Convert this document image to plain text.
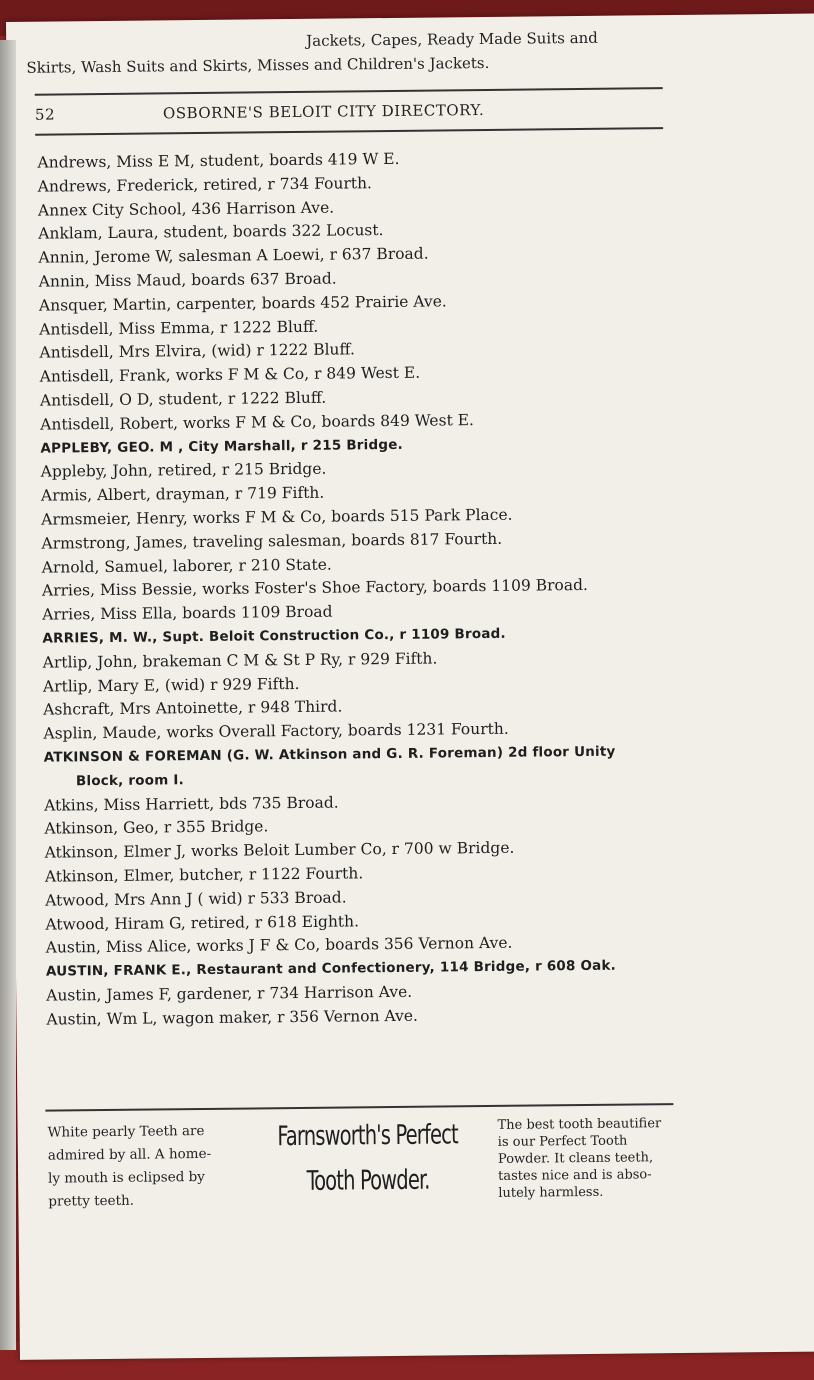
Jackets, Capes, Ready Made Suits and
Skirts, Wash Suits and Skirts, Misses and Children's Jackets.
52	OSBORNE'S BELOIT CITY DIRECTORY.
Andrews, Miss E M, student, boards 419 W E.
Andrews, Frederick, retired, r 734 Fourth.
Annex City School, 436 Harrison Ave.
Anklam, Laura, student, boards 322 Locust.
Annin, Jerome W, salesman A Loewi, r 637 Broad.
Annin, Miss Maud, boards 637 Broad.
Ansquer, Martin, carpenter, boards 452 Prairie Ave.
Antisdell, Miss Emma, r 1222 Bluff.
Antisdell, Mrs Elvira, (wid) r 1222 Bluff.
Antisdell, Frank, works F M & Co, r 849 West E.
Antisdell, O D, student, r 1222 Bluff.
Antisdell, Robert, works F M & Co, boards 849 West E.
APPLEBY, GEO. M , City Marshall, r 215 Bridge.
Appleby, John, retired, r 215 Bridge.
Armis, Albert, drayman, r 719 Fifth.
Armsmeier, Henry, works F M & Co, boards 515 Park Place.
Armstrong, James, traveling salesman, boards 817 Fourth.
Arnold, Samuel, laborer, r 210 State.
Arries, Miss Bessie, works Foster's Shoe Factory, boards 1109 Broad.
Arries, Miss Ella, boards 1109 Broad
ARRIES, M. W., Supt. Beloit Construction Co., r 1109 Broad.
Artlip, John, brakeman C M & St P Ry, r 929 Fifth.
Artlip, Mary E, (wid) r 929 Fifth.
Ashcraft, Mrs Antoinette, r 948 Third.
Asplin, Maude, works Overall Factory, boards 1231 Fourth.
ATKINSON & FOREMAN (G. W. Atkinson and G. R. Foreman) 2d floor Unity
Block, room I.
Atkins, Miss Harriett, bds 735 Broad.
Atkinson, Geo, r 355 Bridge.
Atkinson, Elmer J, works Beloit Lumber Co, r 700 w Bridge.
Atkinson, Elmer, butcher, r 1122 Fourth.
Atwood, Mrs Ann J ( wid) r 533 Broad.
Atwood, Hiram G, retired, r 618 Eighth.
Austin, Miss Alice, works J F & Co, boards 356 Vernon Ave.
AUSTIN, FRANK E., Restaurant and Confectionery, 114 Bridge, r 608 Oak.
Austin, James F, gardener, r 734 Harrison Ave.
Austin, Wm L, wagon maker, r 356 Vernon Ave.
White pearly Teeth are
admired by all. A home-
ly mouth is eclipsed by
pretty teeth.
Farnsworth's Perfect
Tooth Powder.
The best tooth beautifier
is our Perfect Tooth
Powder. It cleans teeth,
tastes nice and is abso-
lutely harmless.
